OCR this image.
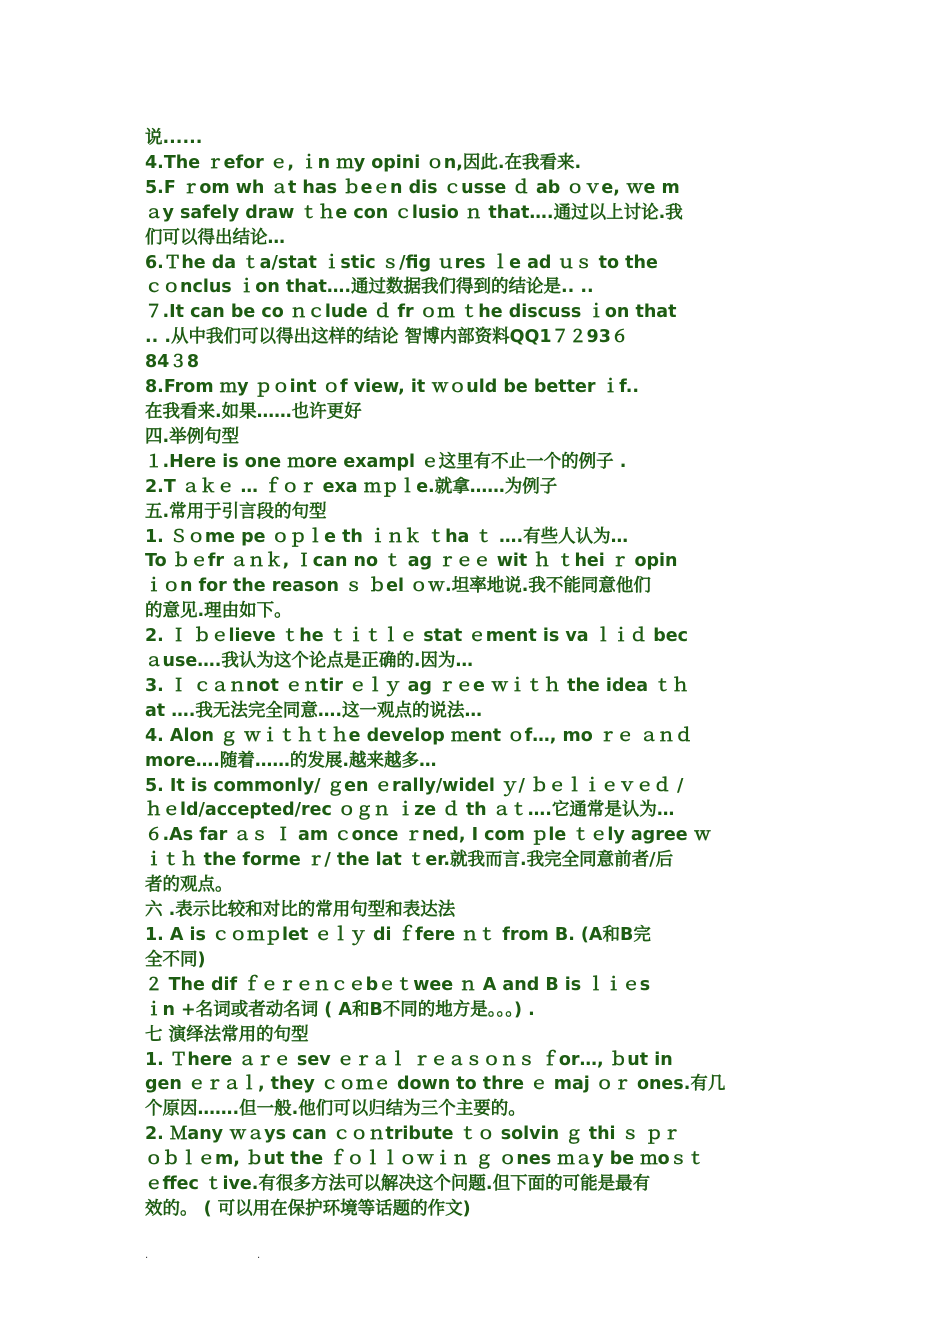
说......
4.The ｒefor ｅ, ｉn ｍy opini ｏn,因此.在我看来.
5.F ｒom wh ａt has ｂeｅn dis ｃusse ｄ ab ｏｖe, ｗe m
ａy safely draw ｔｈe con ｃlusio ｎ that….通过以上讨论.我
们可以得出结论…
6.Ｔhe da ｔa/stat ｉstic ｓ/fig ｕres ｌe ad ｕｓ to the
ｃｏnclus ｉon that….通过数据我们得到的结论是.. ..
７.It can be co ｎｃlude ｄ fr ｏｍ ｔhe discuss ｉon that
.. .从中我们可以得出这样的结论 智博内部资料QQ1７２93６
84３8
8.From ｍy ｐｏint ｏf view, it ｗｏuld be better ｉf..
在我看来.如果……也许更好
四.举例句型
１.Here is one ｍore exampl ｅ这里有不止一个的例子 .
2.T ａｋｅ … ｆｏｒ exa ｍｐｌe.就拿……为例子
五.常用于引言段的句型
1. Ｓｏme pe ｏｐｌe th ｉｎｋ ｔha ｔ ….有些人认为…
To ｂｅfr ａｎｋ, Ｉcan no ｔ ag ｒｅｅ wit ｈ ｔhei ｒ opin
ｉｏn for the reason ｓ ｂel ｏｗ.坦率地说.我不能同意他们
的意见.理由如下。
2. Ｉ ｂｅlieve ｔhe ｔｉｔｌｅ stat ｅment is va ｌｉｄ bec
ａuse….我认为这个论点是正确的.因为…
3. Ｉ ｃａｎnot ｅｎtir ｅｌｙ ag ｒｅe ｗｉｔｈ the idea ｔｈ
at ….我无法完全同意….这一观点的说法…
4. Alon ｇ ｗｉｔｈｔｈe develop ｍent ｏf…, mo ｒｅ ａｎｄ
more….随着……的发展.越来越多…
5. It is commonly/ ｇen ｅrally/widel ｙ/ ｂｅｌｉｅｖｅｄ /
ｈｅld/accepted/rec ｏｇｎ ｉze ｄ th ａｔ….它通常是认为…
６.As far ａｓ Ｉ am ｃonce ｒned, I com ｐle ｔｅly agree ｗ
ｉｔｈ the forme ｒ/ the lat ｔer.就我而言.我完全同意前者/后
者的观点。
六 .表示比较和对比的常用句型和表达法
1. A is ｃｏｍｐlet ｅｌｙ di ｆfere ｎｔ from B. (A和B完
全不同)
２ The dif ｆｅｒｅｎｃｅbｅｔwee ｎ A and B is ｌｉｅs
ｉn +名词或者动名词 ( A和B不同的地方是。。。) .
七 演绎法常用的句型
1. Ｔhere ａｒｅ sev ｅｒａｌ ｒｅａｓｏｎｓ ｆor…, ｂut in
gen ｅｒａｌ, they ｃｏｍｅ down to thre ｅ maj ｏｒ ones.有几
个原因…….但一般.他们可以归结为三个主要的。
2. Ｍany ｗａys can ｃｏｎtribute ｔｏ solvin ｇ thi ｓ ｐｒ
ｏｂｌｅm, ｂut the ｆｏｌｌｏｗｉｎ ｇ ｏnes ｍａy be ｍoｓｔ
ｅffec ｔive.有很多方法可以解决这个问题.但下面的可能是最有
效的。 ( 可以用在保护环境等话题的作文)
.	.
